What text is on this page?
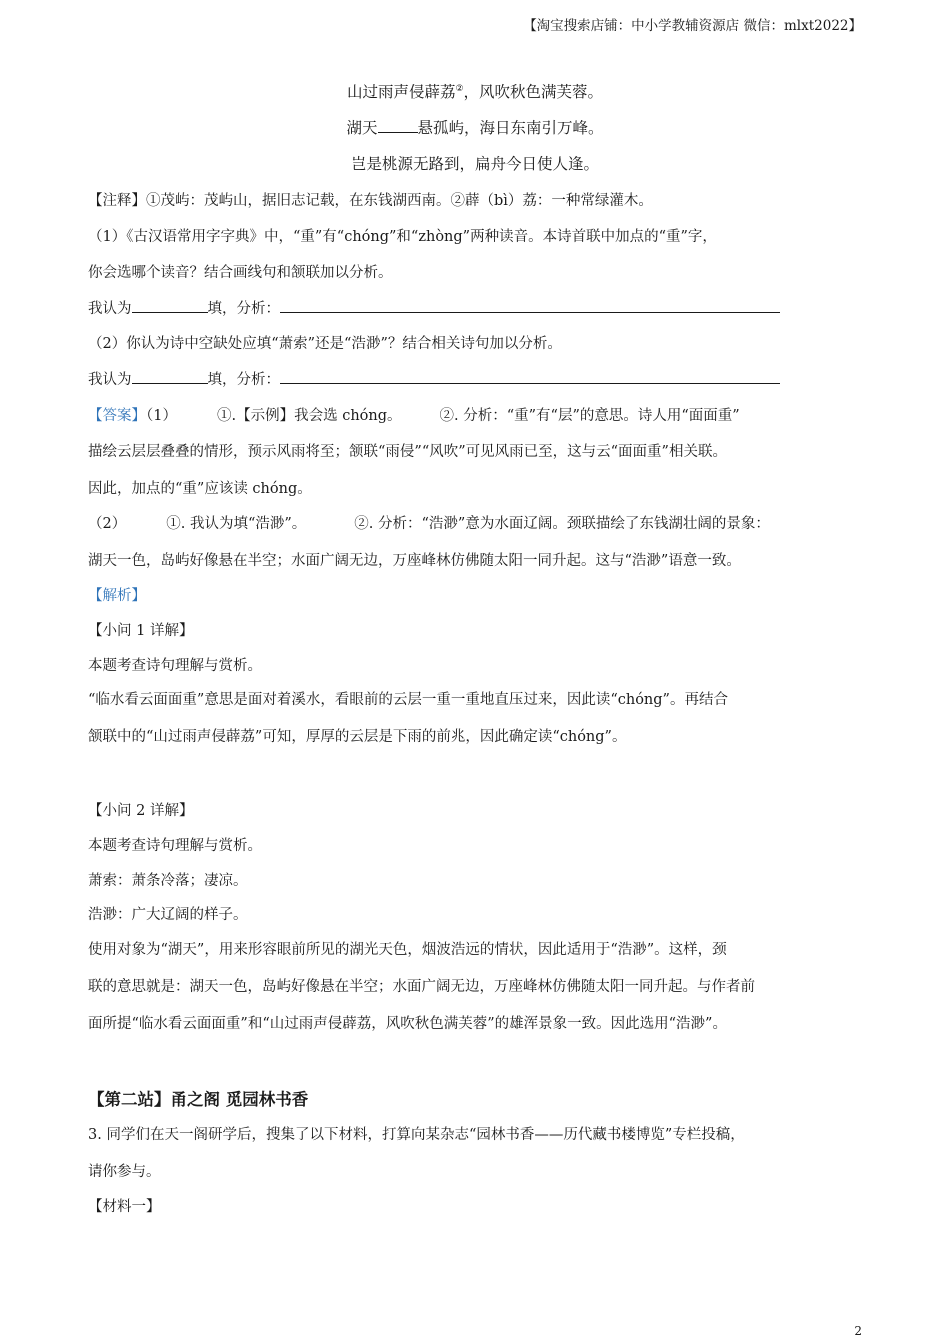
【淘宝搜索店铺：中小学教辅资源店 微信：mlxt2022】
山过雨声侵薜荔②，风吹秋色满芙蓉。
湖天	悬孤屿，海日东南引万峰。
岂是桃源无路到，扁舟今日使人逢。
【注释】①茂屿：茂屿山，据旧志记载，在东钱湖西南。②薜（bì）荔：一种常绿灌木。
（1）《古汉语常用字字典》中，“重”有“chóng”和“zhòng”两种读音。本诗首联中加点的“重”字，
你会选哪个读音？结合画线句和颔联加以分析。
我认为	填，分析：
（2）你认为诗中空缺处应填“萧索”还是“浩渺”？结合相关诗句加以分析。
我认为	填，分析：
【答案】（1）	①.【示例】我会选 chóng。	②. 分析：“重”有“层”的意思。诗人用“面面重”
描绘云层层叠叠的情形，预示风雨将至；颔联“雨侵”“风吹”可见风雨已至，这与云“面面重”相关联。
因此，加点的“重”应该读 chóng。
（2）	①. 我认为填“浩渺”。	②. 分析：“浩渺”意为水面辽阔。颈联描绘了东钱湖壮阔的景象：
湖天一色，岛屿好像悬在半空；水面广阔无边，万座峰林仿佛随太阳一同升起。这与“浩渺”语意一致。
【解析】
【小问 1 详解】
本题考查诗句理解与赏析。
“临水看云面面重”意思是面对着溪水，看眼前的云层一重一重地直压过来，因此读“chóng”。再结合
颔联中的“山过雨声侵薜荔”可知，厚厚的云层是下雨的前兆，因此确定读“chóng”。
【小问 2 详解】
本题考查诗句理解与赏析。
萧索：萧条冷落；凄凉。
浩渺：广大辽阔的样子。
使用对象为“湖天”，用来形容眼前所见的湖光天色，烟波浩远的情状，因此适用于“浩渺”。这样，颈
联的意思就是：湖天一色，岛屿好像悬在半空；水面广阔无边，万座峰林仿佛随太阳一同升起。与作者前
面所提“临水看云面面重”和“山过雨声侵薜荔，风吹秋色满芙蓉”的雄浑景象一致。因此选用“浩渺”。
【第二站】甬之阁 觅园林书香
3. 同学们在天一阁研学后，搜集了以下材料，打算向某杂志“园林书香——历代藏书楼博览”专栏投稿，
请你参与。
【材料一】
2
